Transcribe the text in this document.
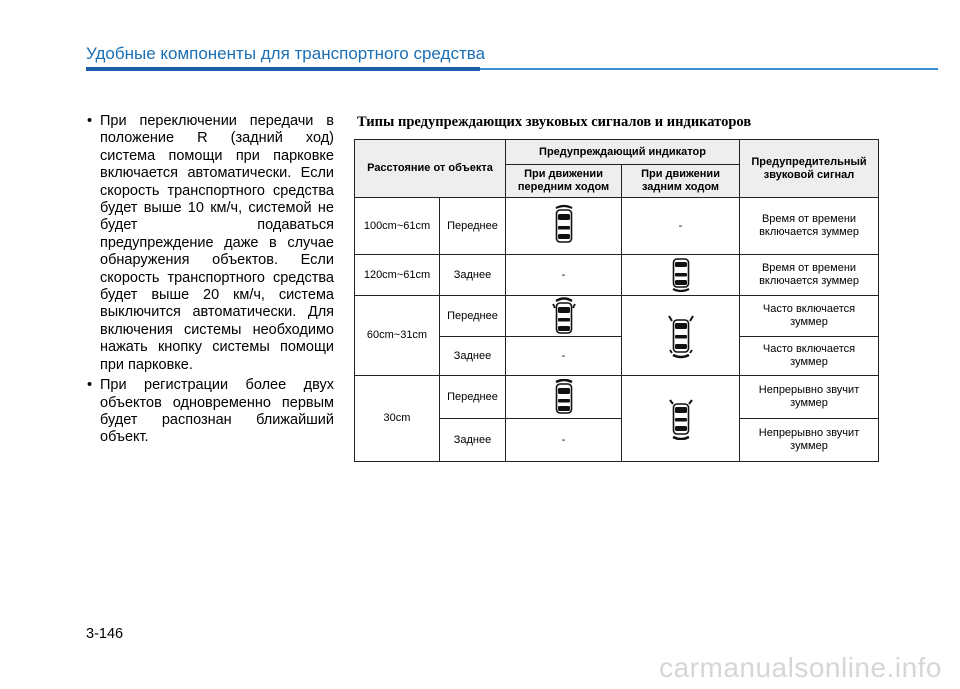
Удобные компоненты для транспортного средства
• При переключении передачи в положение R (задний ход) система помощи при парковке включается автоматически. Если скорость транспортного средства будет выше 10 км/ч, системой не будет подаваться предупреждение даже в случае обнаружения объектов. Если скорость транспортного средства будет выше 20 км/ч, система выключится автоматически. Для включения системы необходимо нажать кнопку системы помощи при парковке.
• При регистрации более двух объектов одновременно первым будет распознан ближайший объект.
Типы предупреждающих звуковых сигналов и индикаторов
Расстояние от объекта		Предупреждающий индикатор		Предупредительный звуковой сигнал
		При движении передним ходом	При движении задним ходом	
100cm~61cm	Переднее		-	Время от времени включается зуммер
120cm~61cm	Заднее	-		Время от времени включается зуммер
60cm~31cm	Переднее			Часто включается зуммер
	Заднее	-		Часто включается зуммер
30cm	Переднее			Непрерывно звучит зуммер
	Заднее	-		Непрерывно звучит зуммер
3-146
carmanualsonline.info
